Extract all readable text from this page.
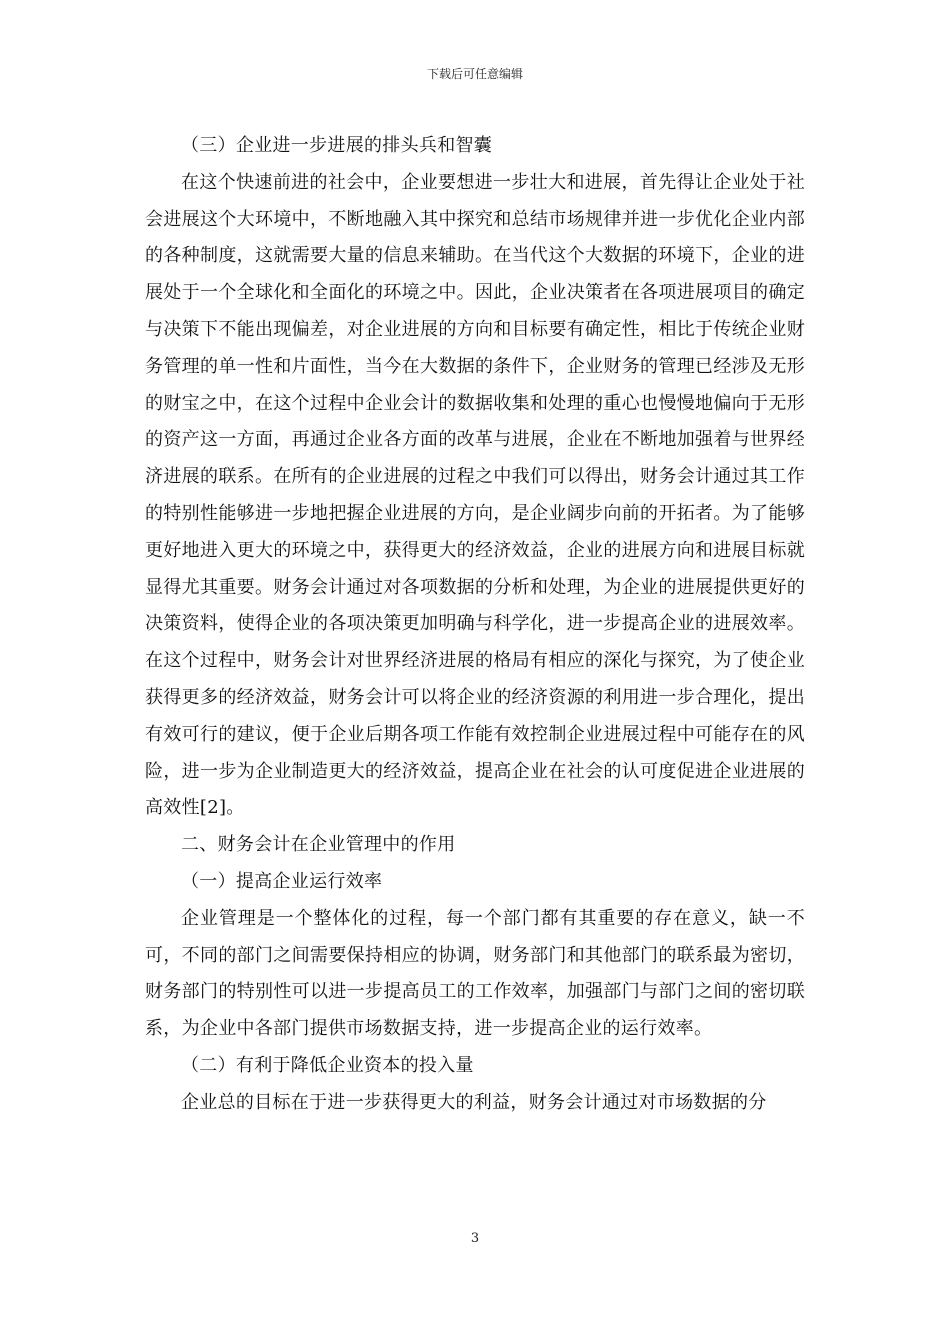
下载后可任意编辑

（三）企业进一步进展的排头兵和智囊

在这个快速前进的社会中，企业要想进一步壮大和进展，首先得让企业处于社会进展这个大环境中，不断地融入其中探究和总结市场规律并进一步优化企业内部的各种制度，这就需要大量的信息来辅助。在当代这个大数据的环境下，企业的进展处于一个全球化和全面化的环境之中。因此，企业决策者在各项进展项目的确定与决策下不能出现偏差，对企业进展的方向和目标要有确定性，相比于传统企业财务管理的单一性和片面性，当今在大数据的条件下，企业财务的管理已经涉及无形的财宝之中，在这个过程中企业会计的数据收集和处理的重心也慢慢地偏向于无形的资产这一方面，再通过企业各方面的改革与进展，企业在不断地加强着与世界经济进展的联系。在所有的企业进展的过程之中我们可以得出，财务会计通过其工作的特别性能够进一步地把握企业进展的方向，是企业阔步向前的开拓者。为了能够更好地进入更大的环境之中，获得更大的经济效益，企业的进展方向和进展目标就显得尤其重要。财务会计通过对各项数据的分析和处理，为企业的进展提供更好的决策资料，使得企业的各项决策更加明确与科学化，进一步提高企业的进展效率。在这个过程中，财务会计对世界经济进展的格局有相应的深化与探究，为了使企业获得更多的经济效益，财务会计可以将企业的经济资源的利用进一步合理化，提出有效可行的建议，便于企业后期各项工作能有效控制企业进展过程中可能存在的风险，进一步为企业制造更大的经济效益，提高企业在社会的认可度促进企业进展的高效性[2]。

二、财务会计在企业管理中的作用

（一）提高企业运行效率

企业管理是一个整体化的过程，每一个部门都有其重要的存在意义，缺一不可，不同的部门之间需要保持相应的协调，财务部门和其他部门的联系最为密切，财务部门的特别性可以进一步提高员工的工作效率，加强部门与部门之间的密切联系，为企业中各部门提供市场数据支持，进一步提高企业的运行效率。

（二）有利于降低企业资本的投入量

企业总的目标在于进一步获得更大的利益，财务会计通过对市场数据的分

3
